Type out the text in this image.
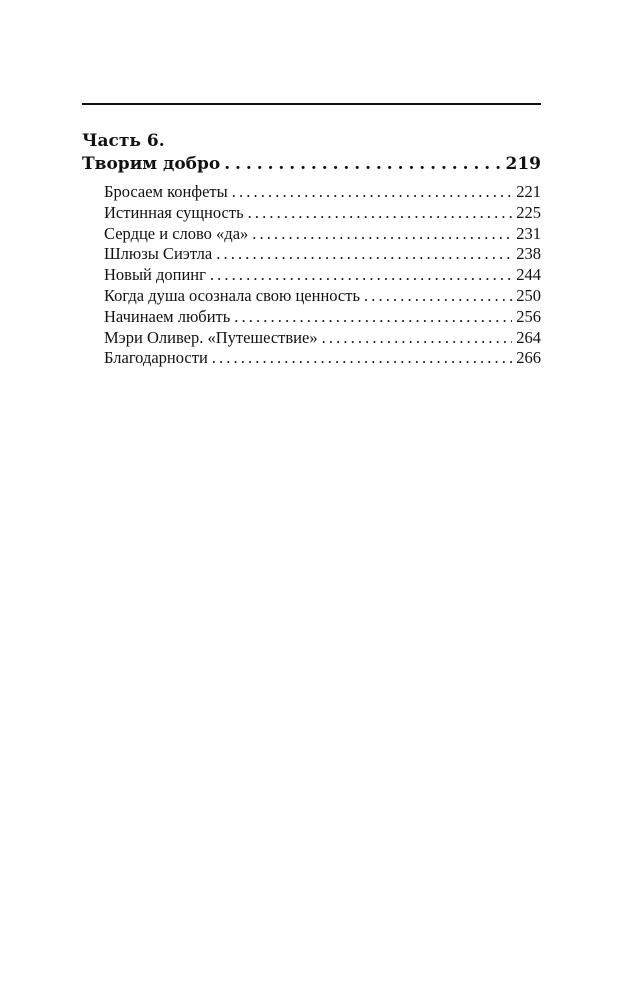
Часть 6.

Творим добро . . .	219
Бросаем конфеты . . .	221
Истинная сущность . . .	225
Сердце и слово «да» . . .	231
Шлюзы Сиэтла . . .	238
Новый допинг . . .	244
Когда душа осознала свою ценность . . .	250
Начинаем любить . . .	256
Мэри Оливер. «Путешествие» . . .	264
Благодарности . . .	266
